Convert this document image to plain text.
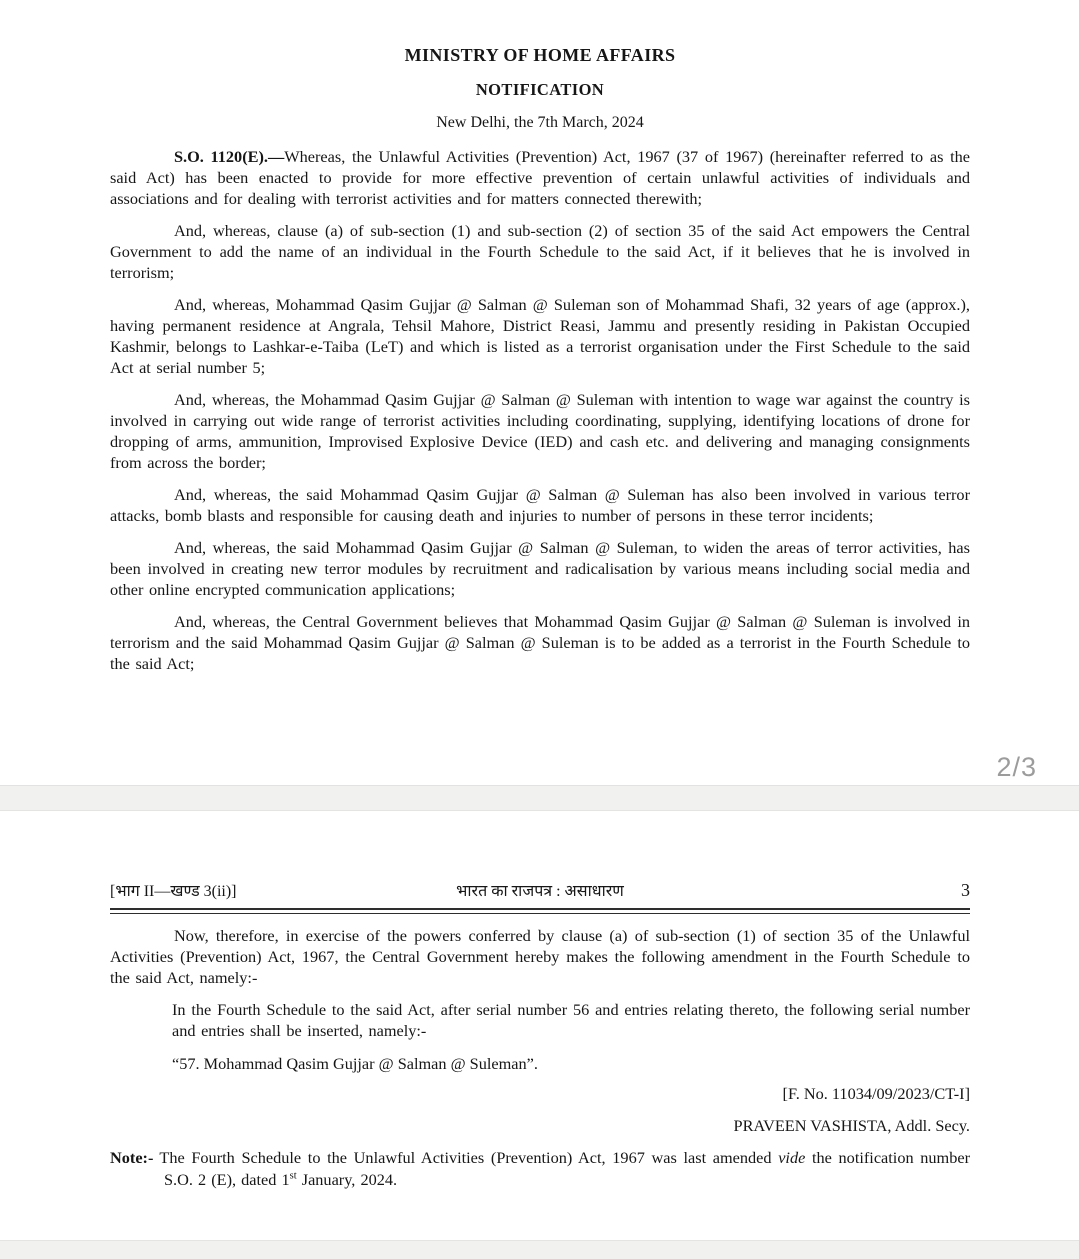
MINISTRY OF HOME AFFAIRS
NOTIFICATION
New Delhi, the 7th March, 2024

S.O. 1120(E).—Whereas, the Unlawful Activities (Prevention) Act, 1967 (37 of 1967) (hereinafter referred to as the said Act) has been enacted to provide for more effective prevention of certain unlawful activities of individuals and associations and for dealing with terrorist activities and for matters connected therewith;

And, whereas, clause (a) of sub-section (1) and sub-section (2) of section 35 of the said Act empowers the Central Government to add the name of an individual in the Fourth Schedule to the said Act, if it believes that he is involved in terrorism;

And, whereas, Mohammad Qasim Gujjar @ Salman @ Suleman son of Mohammad Shafi, 32 years of age (approx.), having permanent residence at Angrala, Tehsil Mahore, District Reasi, Jammu and presently residing in Pakistan Occupied Kashmir, belongs to Lashkar-e-Taiba (LeT) and which is listed as a terrorist organisation under the First Schedule to the said Act at serial number 5;

And, whereas, the Mohammad Qasim Gujjar @ Salman @ Suleman with intention to wage war against the country is involved in carrying out wide range of terrorist activities including coordinating, supplying, identifying locations of drone for dropping of arms, ammunition, Improvised Explosive Device (IED) and cash etc. and delivering and managing consignments from across the border;

And, whereas, the said Mohammad Qasim Gujjar @ Salman @ Suleman has also been involved in various terror attacks, bomb blasts and responsible for causing death and injuries to number of persons in these terror incidents;

And, whereas, the said Mohammad Qasim Gujjar @ Salman @ Suleman, to widen the areas of terror activities, has been involved in creating new terror modules by recruitment and radicalisation by various means including social media and other online encrypted communication applications;

And, whereas, the Central Government believes that Mohammad Qasim Gujjar @ Salman @ Suleman is involved in terrorism and the said Mohammad Qasim Gujjar @ Salman @ Suleman is to be added as a terrorist in the Fourth Schedule to the said Act;

2/3
[भाग II—खण्ड 3(ii)]	भारत का राजपत्र : असाधारण	3

Now, therefore, in exercise of the powers conferred by clause (a) of sub-section (1) of section 35 of the Unlawful Activities (Prevention) Act, 1967, the Central Government hereby makes the following amendment in the Fourth Schedule to the said Act, namely:-

In the Fourth Schedule to the said Act, after serial number 56 and entries relating thereto, the following serial number and entries shall be inserted, namely:-

“57. Mohammad Qasim Gujjar @ Salman @ Suleman”.

[F. No. 11034/09/2023/CT-I]
PRAVEEN VASHISTA, Addl. Secy.

Note:- The Fourth Schedule to the Unlawful Activities (Prevention) Act, 1967 was last amended vide the notification number S.O. 2 (E), dated 1st January, 2024.
